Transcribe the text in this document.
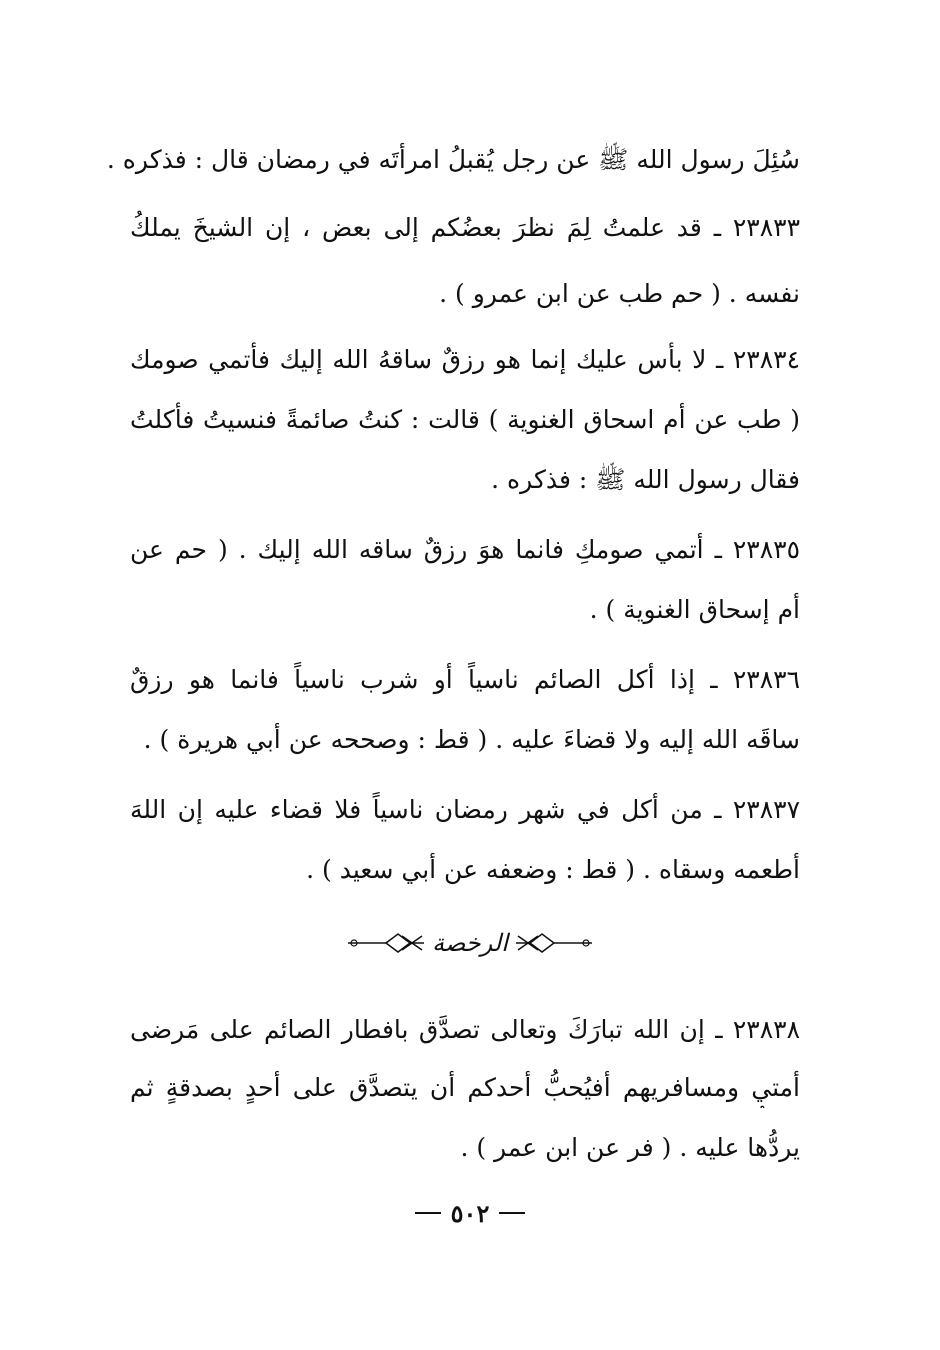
سُئِلَ رسول الله ﷺ عن رجل يُقبلُ امرأتَه في رمضان قال : فذكره .
٢٣٨٣٣ ـ قد علمتُ لِمَ نظرَ بعضُكم إلى بعض ، إن الشيخَ يملكُ
نفسه . ( حم طب عن ابن عمرو ) .
٢٣٨٣٤ ـ لا بأس عليك إنما هو رزقٌ ساقهُ الله إليك فأتمي صومك
( طب عن أم اسحاق الغنوية ) قالت : كنتُ صائمةً فنسيتُ فأكلتُ
فقال رسول الله ﷺ : فذكره .
٢٣٨٣٥ ـ أتمي صومكِ فانما هوَ رزقٌ ساقه الله إليك . ( حم عن
أم إسحاق الغنوية ) .
٢٣٨٣٦ ـ إذا أكل الصائم ناسياً أو شرب ناسياً فانما هو رزقٌ
ساقَه الله إليه ولا قضاءَ عليه . ( قط : وصححه عن أبي هريرة ) .
٢٣٨٣٧ ـ من أكل في شهر رمضان ناسياً فلا قضاء عليه إن اللهَ
أطعمه وسقاه . ( قط : وضعفه عن أبي سعيد ) .
الرخصة
٢٣٨٣٨ ـ إن الله تبارَكَ وتعالى تصدَّق بافطار الصائم على مَرضى
أمتي ومسافريهم أفيُحبُّ أحدكم أن يتصدَّق على أحدٍ بصدقةٍ ثم
يردُّها عليه . ( فر عن ابن عمر ) .
٥٠٢
